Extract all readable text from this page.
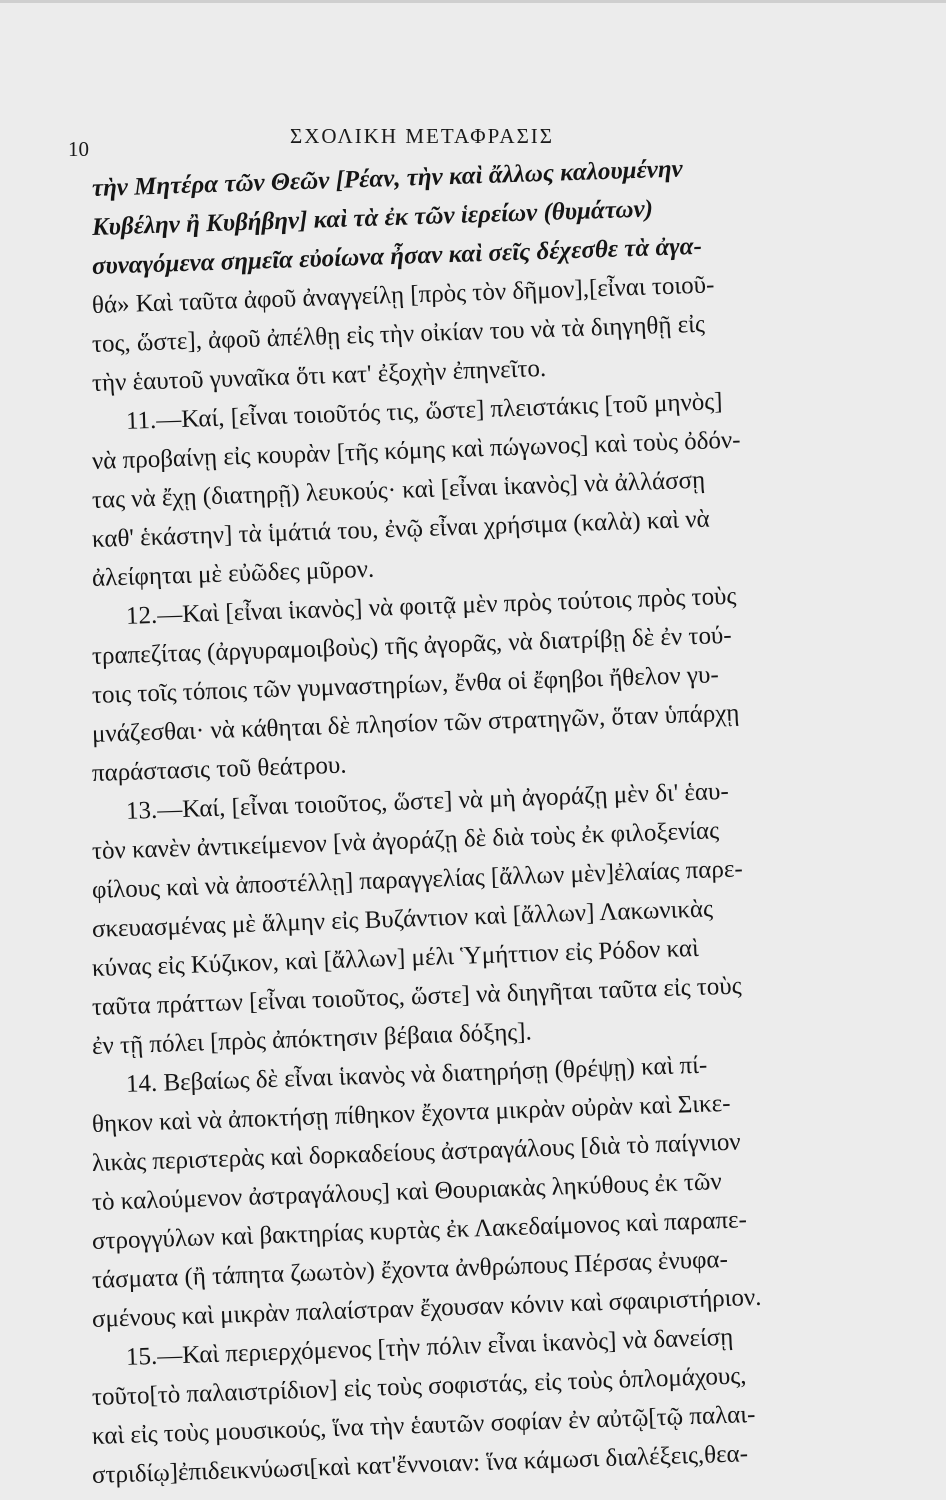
10
ΣΧΟΛΙΚΗ ΜΕΤΑΦΡΑΣΙΣ
τὴν Μητέρα τῶν Θεῶν [Ρέαν, τὴν καὶ ἄλλως καλουμένην
Κυβέλην ἢ Κυβήβην] καὶ τὰ ἐκ τῶν ἱερείων (θυμάτων)
συναγόμενα σημεῖα εὐοίωνα ἦσαν καὶ σεῖς δέχεσθε τὰ ἀγα-
θά» Καὶ ταῦτα ἀφοῦ ἀναγγείλῃ [πρὸς τὸν δῆμον],[εἶναι τοιοῦ-
τος, ὥστε], ἀφοῦ ἀπέλθῃ εἰς τὴν οἰκίαν του νὰ τὰ διηγηθῇ εἰς
τὴν ἑαυτοῦ γυναῖκα ὅτι κατ' ἐξοχὴν ἐπηνεῖτο.
11.—Καί, [εἶναι τοιοῦτός τις, ὥστε] πλειστάκις [τοῦ μηνὸς]
νὰ προβαίνῃ εἰς κουρὰν [τῆς κόμης καὶ πώγωνος] καὶ τοὺς ὀδόν-
τας νὰ ἔχῃ (διατηρῇ) λευκούς· καὶ [εἶναι ἱκανὸς] νὰ ἀλλάσσῃ
καθ' ἑκάστην] τὰ ἱμάτιά του, ἐνῷ εἶναι χρήσιμα (καλὰ) καὶ νὰ
ἀλείφηται μὲ εὐῶδες μῦρον.
12.—Καὶ [εἶναι ἱκανὸς] νὰ φοιτᾷ μὲν πρὸς τούτοις πρὸς τοὺς
τραπεζίτας (ἀργυραμοιβοὺς) τῆς ἀγορᾶς, νὰ διατρίβῃ δὲ ἐν τού-
τοις τοῖς τόποις τῶν γυμναστηρίων, ἔνθα οἱ ἔφηβοι ἤθελον γυ-
μνάζεσθαι· νὰ κάθηται δὲ πλησίον τῶν στρατηγῶν, ὅταν ὑπάρχῃ
παράστασις τοῦ θεάτρου.
13.—Καί, [εἶναι τοιοῦτος, ὥστε] νὰ μὴ ἀγοράζῃ μὲν δι' ἑαυ-
τὸν κανὲν ἀντικείμενον [νὰ ἀγοράζῃ δὲ διὰ τοὺς ἐκ φιλοξενίας
φίλους καὶ νὰ ἀποστέλλῃ] παραγγελίας [ἄλλων μὲν]ἐλαίας παρε-
σκευασμένας μὲ ἅλμην εἰς Βυζάντιον καὶ [ἄλλων] Λακωνικὰς
κύνας εἰς Κύζικον, καὶ [ἄλλων] μέλι Ὑμήττιον εἰς Ρόδον καὶ
ταῦτα πράττων [εἶναι τοιοῦτος, ὥστε] νὰ διηγῆται ταῦτα εἰς τοὺς
ἐν τῇ πόλει [πρὸς ἀπόκτησιν βέβαια δόξης].
14. Βεβαίως δὲ εἶναι ἱκανὸς νὰ διατηρήσῃ (θρέψῃ) καὶ πί-
θηκον καὶ νὰ ἀποκτήσῃ πίθηκον ἔχοντα μικρὰν οὐρὰν καὶ Σικε-
λικὰς περιστερὰς καὶ δορκαδείους ἀστραγάλους [διὰ τὸ παίγνιον
τὸ καλούμενον ἀστραγάλους] καὶ Θουριακὰς ληκύθους ἐκ τῶν
στρογγύλων καὶ βακτηρίας κυρτὰς ἐκ Λακεδαίμονος καὶ παραπε-
τάσματα (ἢ τάπητα ζωωτὸν) ἔχοντα ἀνθρώπους Πέρσας ἐνυφα-
σμένους καὶ μικρὰν παλαίστραν ἔχουσαν κόνιν καὶ σφαιριστήριον.
15.—Καὶ περιερχόμενος [τὴν πόλιν εἶναι ἱκανὸς] νὰ δανείσῃ
τοῦτο[τὸ παλαιστρίδιον] εἰς τοὺς σοφιστάς, εἰς τοὺς ὁπλομάχους,
καὶ εἰς τοὺς μουσικούς, ἵνα τὴν ἑαυτῶν σοφίαν ἐν αὐτῷ[τῷ παλαι-
στριδίῳ]ἐπιδεικνύωσι[καὶ κατ'ἔννοιαν: ἵνα κάμωσι διαλέξεις,θεα-
